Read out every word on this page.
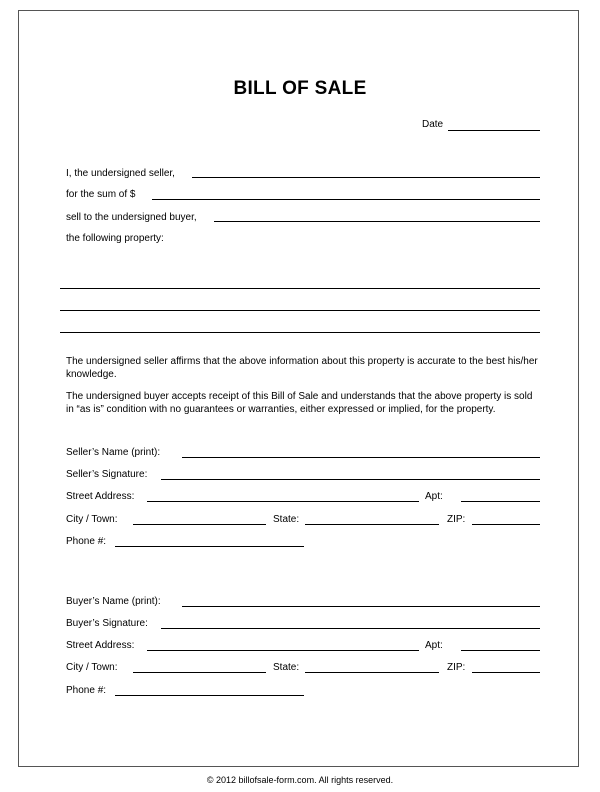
BILL OF SALE
Date
I, the undersigned seller,
for the sum of $
sell to the undersigned buyer,
the following property:
The undersigned seller affirms that the above information about this property is accurate to the best his/her knowledge.
The undersigned buyer accepts receipt of this Bill of Sale and understands that the above property is sold in “as is” condition with no guarantees or warranties, either expressed or implied, for the property.
Seller’s Name (print):
Seller’s Signature:
Street Address:	Apt:
City / Town:	State:	ZIP:
Phone #:
Buyer’s Name (print):
Buyer’s Signature:
Street Address:	Apt:
City / Town:	State:	ZIP:
Phone #:
© 2012 billofsale-form.com. All rights reserved.
